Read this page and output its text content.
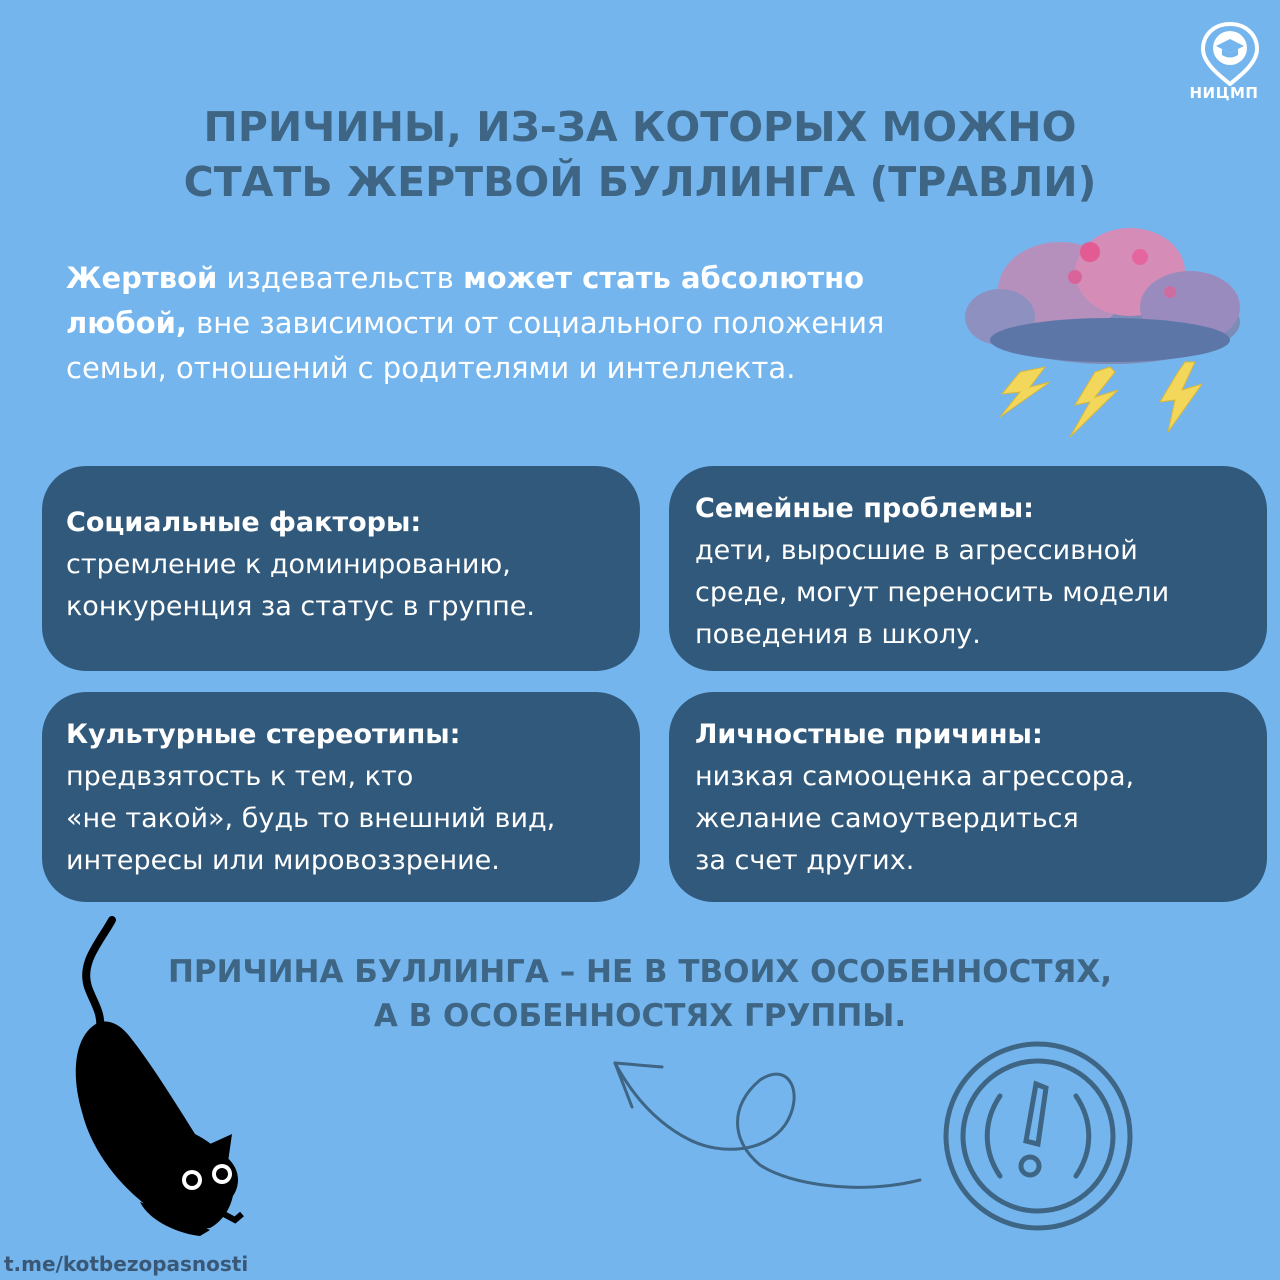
НИЦМП
ПРИЧИНЫ, ИЗ-ЗА КОТОРЫХ МОЖНО
СТАТЬ ЖЕРТВОЙ БУЛЛИНГА (ТРАВЛИ)
Жертвой издевательств может стать абсолютно любой, вне зависимости от социального положения семьи, отношений с родителями и интеллекта.
Социальные факторы:
стремление к доминированию,
конкуренция за статус в группе.
Семейные проблемы:
дети, выросшие в агрессивной
среде, могут переносить модели
поведения в школу.
Культурные стереотипы:
предвзятость к тем, кто
«не такой», будь то внешний вид,
интересы или мировоззрение.
Личностные причины:
низкая самооценка агрессора,
желание самоутвердиться
за счет других.
ПРИЧИНА БУЛЛИНГА – НЕ В ТВОИХ ОСОБЕННОСТЯХ,
А В ОСОБЕННОСТЯХ ГРУППЫ.
t.me/kotbezopasnosti
